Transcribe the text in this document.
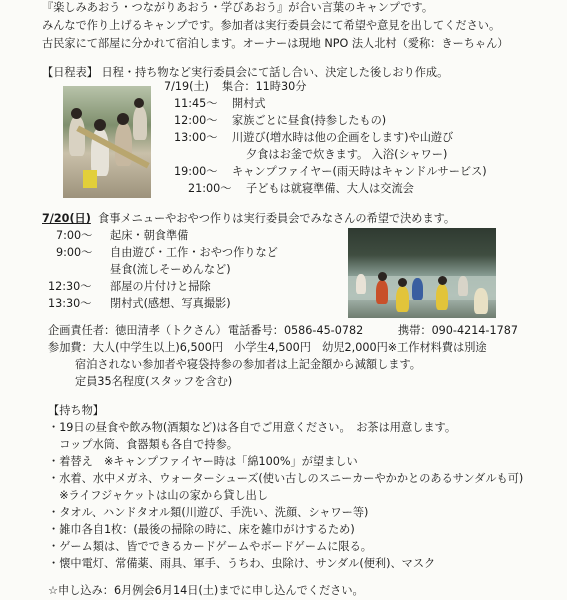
『楽しみあおう・つながりあおう・学びあおう』が合い言葉のキャンプです。
みんなで作り上げるキャンプです。参加者は実行委員会にて希望や意見を出してください。
古民家にて部屋に分かれて宿泊します。オーナーは現地 NPO 法人北村（愛称：きーちゃん）
【日程表】 日程・持ち物など実行委員会にて話し合い、決定した後しおり作成。
7/19(土) 集合：11時30分
11:45〜 開村式
12:00〜 家族ごとに昼食(持参したもの)
13:00〜 川遊び(増水時は他の企画をします)や山遊び
夕食はお釜で炊きます。 入浴(シャワー)
19:00〜 キャンプファイヤー(雨天時はキャンドルサービス)
21:00〜 子どもは就寝準備、大人は交流会
7/20(日) 食事メニューやおやつ作りは実行委員会でみなさんの希望で決めます。
7:00〜 起床・朝食準備
9:00〜 自由遊び・工作・おやつ作りなど
昼食(流しそーめんなど)
12:30〜 部屋の片付けと掃除
13:30〜 閉村式(感想、写真撮影)
企画責任者：徳田清孝（トクさん） 電話番号：0586-45-0782	携帯：090-4214-1787
参加費：大人(中学生以上)6,500円　小学生4,500円　幼児2,000円※工作材料費は別途
宿泊されない参加者や寝袋持参の参加者は上記金額から減額します。
定員35名程度(スタッフを含む)
【持ち物】
・19日の昼食や飲み物(酒類など)は各自でご用意ください。　お茶は用意します。
　コップ水筒、食器類も各自で持参。
・着替え　※キャンプファイヤー時は「綿100%」が望ましい
・水着、水中メガネ、ウォーターシューズ(使い古しのスニーカーやかかとのあるサンダルも可)
　※ライフジャケットは山の家から貸し出し
・タオル、ハンドタオル類(川遊び、手洗い、洗顔、シャワー等)
・雑巾各自1枚：(最後の掃除の時に、床を雑巾がけするため)
・ゲーム類は、皆でできるカードゲームやボードゲームに限る。
・懐中電灯、常備薬、雨具、軍手、うちわ、虫除け、サンダル(便利)、マスク
☆申し込み：6月例会6月14日(土)までに申し込んでください。
